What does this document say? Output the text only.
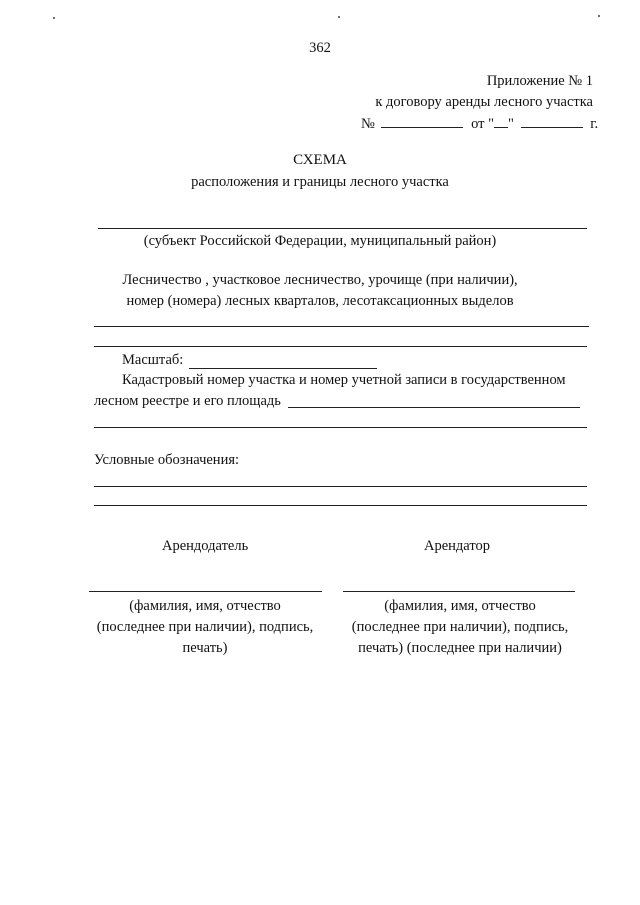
362
Приложение № 1
к договору аренды лесного участка
№	от " "	г.
СХЕМА
расположения и границы лесного участка
(субъект Российской Федерации, муниципальный район)
Лесничество , участковое лесничество, урочище (при наличии),
номер (номера) лесных кварталов, лесотаксационных выделов
Масштаб:
Кадастровый номер участка и номер учетной записи в государственном
лесном реестре и его площадь
Условные обозначения:
Арендодатель	Арендатор
(фамилия, имя, отчество
(последнее при наличии), подпись,
печать)
(фамилия, имя, отчество
(последнее при наличии), подпись,
печать) (последнее при наличии)
